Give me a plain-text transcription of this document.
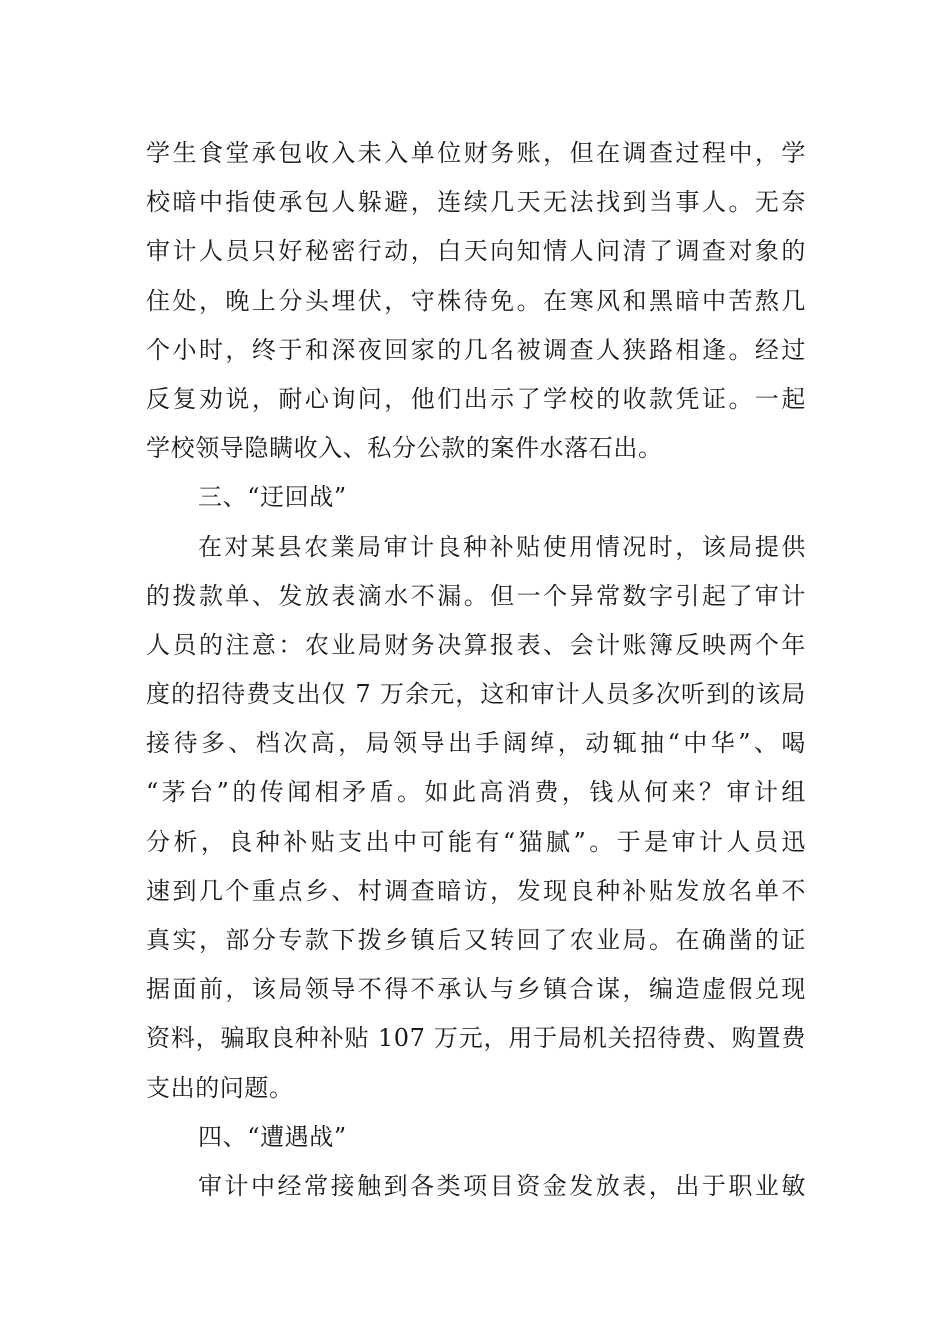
学生食堂承包收入未入单位财务账，但在调查过程中，学
校暗中指使承包人躲避，连续几天无法找到当事人。无奈
审计人员只好秘密行动，白天向知情人问清了调查对象的
住处，晚上分头埋伏，守株待免。在寒风和黑暗中苦熬几
个小时，终于和深夜回家的几名被调查人狭路相逢。经过
反复劝说，耐心询问，他们出示了学校的收款凭证。一起
学校领导隐瞒收入、私分公款的案件水落石出。
三、“迂回战”
在对某县农業局审计良种补贴使用情况时，该局提供
的拨款单、发放表滴水不漏。但一个异常数字引起了审计
人员的注意：农业局财务决算报表、会计账簿反映两个年
度的招待费支出仅 7 万余元，这和审计人员多次听到的该局
接待多、档次高，局领导出手阔绰，动辄抽“中华”、喝
“茅台”的传闻相矛盾。如此高消费，钱从何来？审计组
分析，良种补贴支出中可能有“猫腻”。于是审计人员迅
速到几个重点乡、村调查暗访，发现良种补贴发放名单不
真实，部分专款下拨乡镇后又转回了农业局。在确凿的证
据面前，该局领导不得不承认与乡镇合谋，编造虚假兑现
资料，骗取良种补贴 107 万元，用于局机关招待费、购置费
支出的问题。
四、“遭遇战”
审计中经常接触到各类项目资金发放表，出于职业敏
